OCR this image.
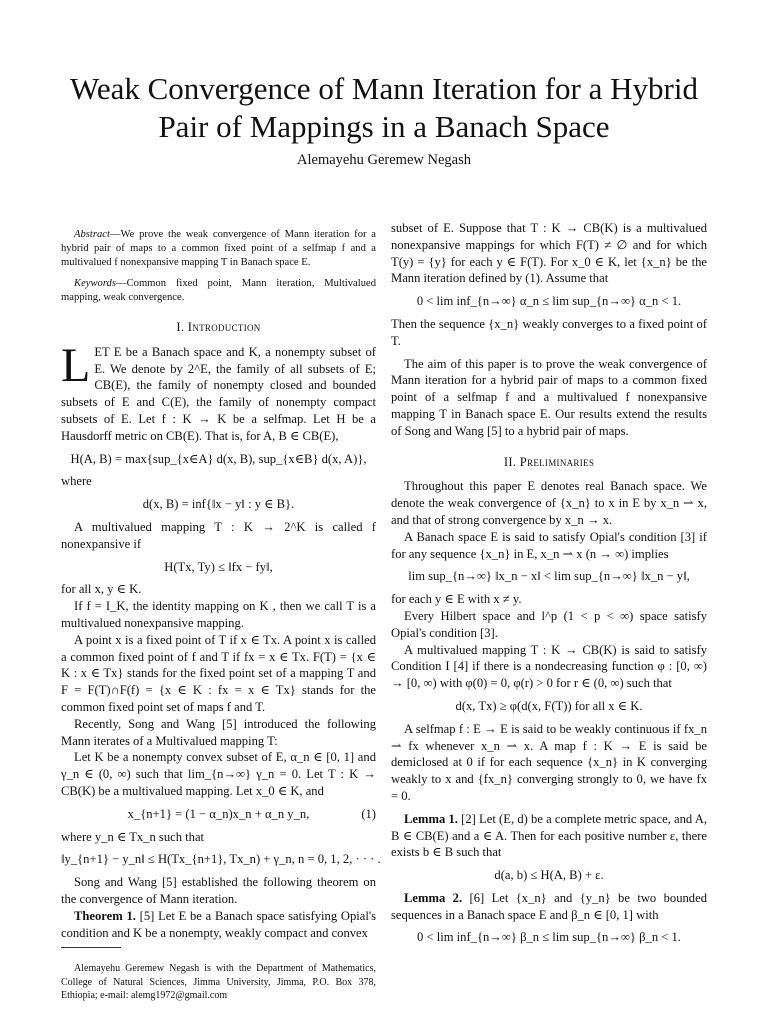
Weak Convergence of Mann Iteration for a Hybrid
Pair of Mappings in a Banach Space
Alemayehu Geremew Negash

Abstract—We prove the weak convergence of Mann iteration for a hybrid pair of maps to a common fixed point of a selfmap f and a multivalued f nonexpansive mapping T in Banach space E.

Keywords—Common fixed point, Mann iteration, Multivalued mapping, weak convergence.

I. Introduction

LET E be a Banach space and K, a nonempty subset of E. We denote by 2^E, the family of all subsets of E; CB(E), the family of nonempty closed and bounded subsets of E and C(E), the family of nonempty compact subsets of E. Let f : K → K be a selfmap. Let H be a Hausdorff metric on CB(E). That is, for A, B ∈ CB(E),

H(A, B) = max{sup_{x∈A} d(x, B), sup_{x∈B} d(x, A)},

where

d(x, B) = inf{‖x − y‖ : y ∈ B}.

A multivalued mapping T : K → 2^K is called f nonexpansive if

H(Tx, Ty) ≤ ‖fx − fy‖,

for all x, y ∈ K.

If f = I_K, the identity mapping on K , then we call T is a multivalued nonexpansive mapping.

A point x is a fixed point of T if x ∈ Tx. A point x is called a common fixed point of f and T if fx = x ∈ Tx. F(T) = {x ∈ K : x ∈ Tx} stands for the fixed point set of a mapping T and F = F(T)∩F(f) = {x ∈ K : fx = x ∈ Tx} stands for the common fixed point set of maps f and T.

Recently, Song and Wang [5] introduced the following Mann iterates of a Multivalued mapping T:

Let K be a nonempty convex subset of E, α_n ∈ [0, 1] and γ_n ∈ (0, ∞) such that lim_{n→∞} γ_n = 0. Let T : K → CB(K) be a multivalued mapping. Let x_0 ∈ K, and

x_{n+1} = (1 − α_n)x_n + α_n y_n,	(1)

where y_n ∈ Tx_n such that

‖y_{n+1} − y_n‖ ≤ H(Tx_{n+1}, Tx_n) + γ_n, n = 0, 1, 2, · · · .

Song and Wang [5] established the following theorem on the convergence of Mann iteration.

Theorem 1. [5] Let E be a Banach space satisfying Opial's condition and K be a nonempty, weakly compact and convex

Alemayehu Geremew Negash is with the Department of Mathematics, College of Natural Sciences, Jimma University, Jimma, P.O. Box 378, Ethiopia; e-mail: alemg1972@gmail.com

subset of E. Suppose that T : K → CB(K) is a multivalued nonexpansive mappings for which F(T) ≠ ∅ and for which T(y) = {y} for each y ∈ F(T). For x_0 ∈ K, let {x_n} be the Mann iteration defined by (1). Assume that

0 < lim inf_{n→∞} α_n ≤ lim sup_{n→∞} α_n < 1.

Then the sequence {x_n} weakly converges to a fixed point of T.

The aim of this paper is to prove the weak convergence of Mann iteration for a hybrid pair of maps to a common fixed point of a selfmap f and a multivalued f nonexpansive mapping T in Banach space E. Our results extend the results of Song and Wang [5] to a hybrid pair of maps.

II. Preliminaries

Throughout this paper E denotes real Banach space. We denote the weak convergence of {x_n} to x in E by x_n ⇀ x, and that of strong convergence by x_n → x.

A Banach space E is said to satisfy Opial's condition [3] if for any sequence {x_n} in E, x_n ⇀ x (n → ∞) implies

lim sup_{n→∞} ‖x_n − x‖ < lim sup_{n→∞} ‖x_n − y‖,

for each y ∈ E with x ≠ y.

Every Hilbert space and l^p (1 < p < ∞) space satisfy Opial's condition [3].

A multivalued mapping T : K → CB(K) is said to satisfy Condition I [4] if there is a nondecreasing function φ : [0, ∞) → [0, ∞) with φ(0) = 0, φ(r) > 0 for r ∈ (0, ∞) such that

d(x, Tx) ≥ φ(d(x, F(T)) for all x ∈ K.

A selfmap f : E → E is said to be weakly continuous if fx_n ⇀ fx whenever x_n ⇀ x. A map f : K → E is said be demiclosed at 0 if for each sequence {x_n} in K converging weakly to x and {fx_n} converging strongly to 0, we have fx = 0.

Lemma 1. [2] Let (E, d) be a complete metric space, and A, B ∈ CB(E) and a ∈ A. Then for each positive number ε, there exists b ∈ B such that

d(a, b) ≤ H(A, B) + ε.

Lemma 2. [6] Let {x_n} and {y_n} be two bounded sequences in a Banach space E and β_n ∈ [0, 1] with

0 < lim inf_{n→∞} β_n ≤ lim sup_{n→∞} β_n < 1.
